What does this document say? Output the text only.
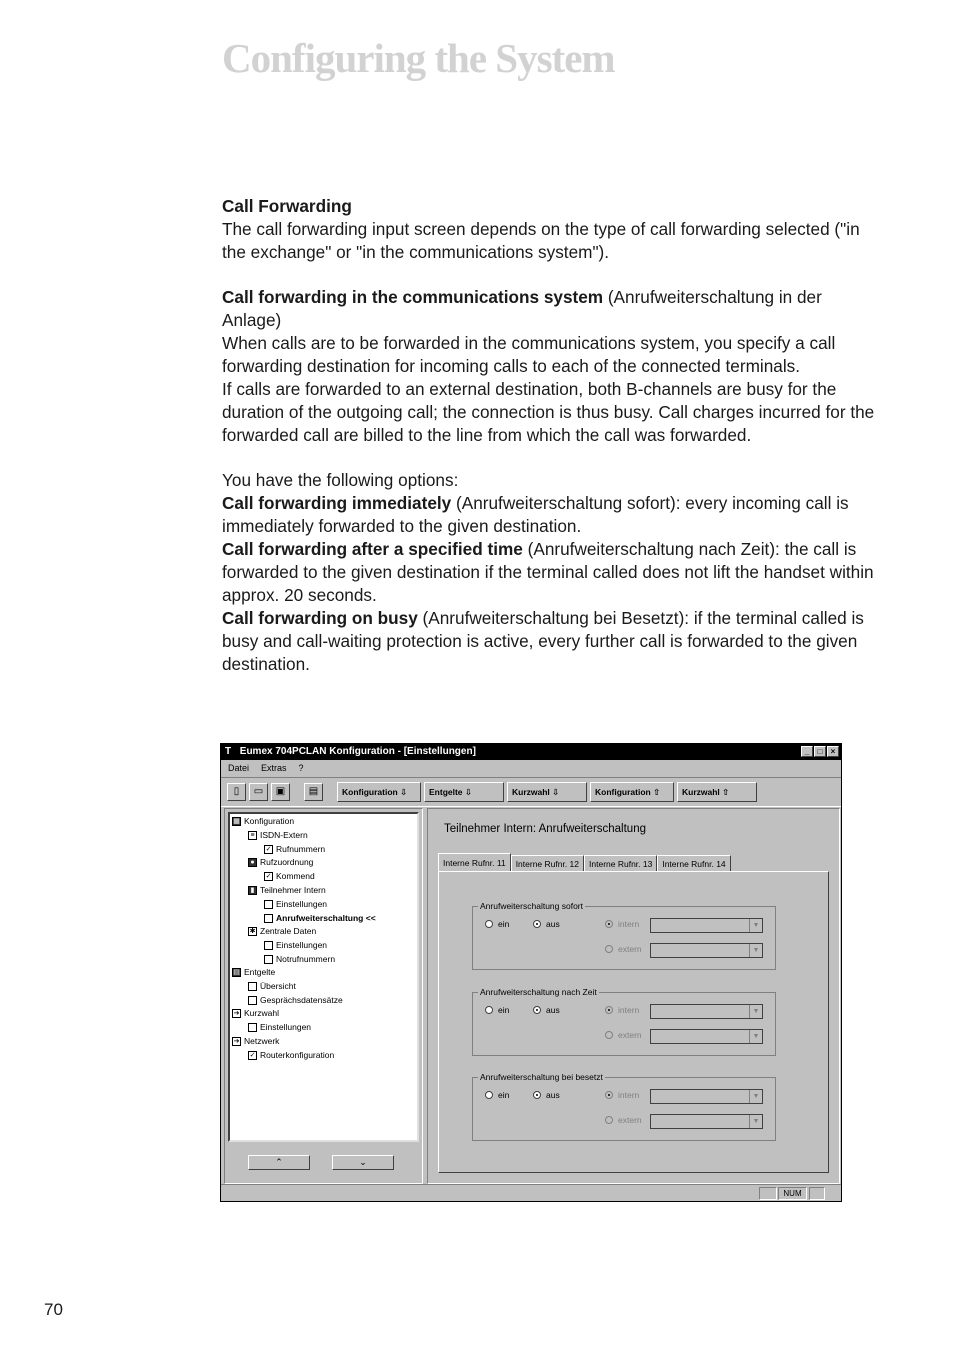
Configuring the System

Call Forwarding

The call forwarding input screen depends on the type of call forwarding selected ("in the exchange" or "in the communications system").

Call forwarding in the communications system (Anrufweiterschaltung in der Anlage)

When calls are to be forwarded in the communications system, you specify a call forwarding destination for incoming calls to each of the connected terminals.

If calls are forwarded to an external destination, both B-channels are busy for the duration of the outgoing call; the connection is thus busy. Call charges incurred for the forwarded call are billed to the line from which the call was forwarded.

You have the following options:

Call forwarding immediately (Anrufweiterschaltung sofort): every incoming call is immediately forwarded to the given destination.

Call forwarding after a specified time (Anrufweiterschaltung nach Zeit): the call is forwarded to the given destination if the terminal called does not lift the handset within approx. 20 seconds.

Call forwarding on busy (Anrufweiterschaltung bei Besetzt): if the terminal called is busy and call-waiting protection is active, every further call is forwarded to the given destination.

T Eumex 704PCLAN Konfiguration - [Einstellungen]	_	□	×
Datei Extras ?
▯	▭	▣	▤	Konfiguration ⇩	Entgelte ⇩	Kurzwahl ⇩	Konfiguration ⇧	Kurzwahl ⇧
▦ Konfiguration
≡ ISDN-Extern
✓ Rufnummern
● Rufzuordnung
✓ Kommend
▮ Teilnehmer Intern
Einstellungen
Anrufweiterschaltung <<
✱ Zentrale Daten
Einstellungen
Notrufnummern
▤ Entgelte
Übersicht
Gesprächsdatensätze
➔ Kurzwahl
Einstellungen
➔ Netzwerk
✓ Routerkonfiguration
⌃	⌄
Teilnehmer Intern: Anrufweiterschaltung
Interne Rufnr. 11	Interne Rufnr. 12	Interne Rufnr. 13	Interne Rufnr. 14
Anrufweiterschaltung sofort
ein	aus	intern	▼
extern	▼
Anrufweiterschaltung nach Zeit
ein	aus	intern	▼
extern	▼
Anrufweiterschaltung bei besetzt
ein	aus	intern	▼
extern	▼
NUM
70
